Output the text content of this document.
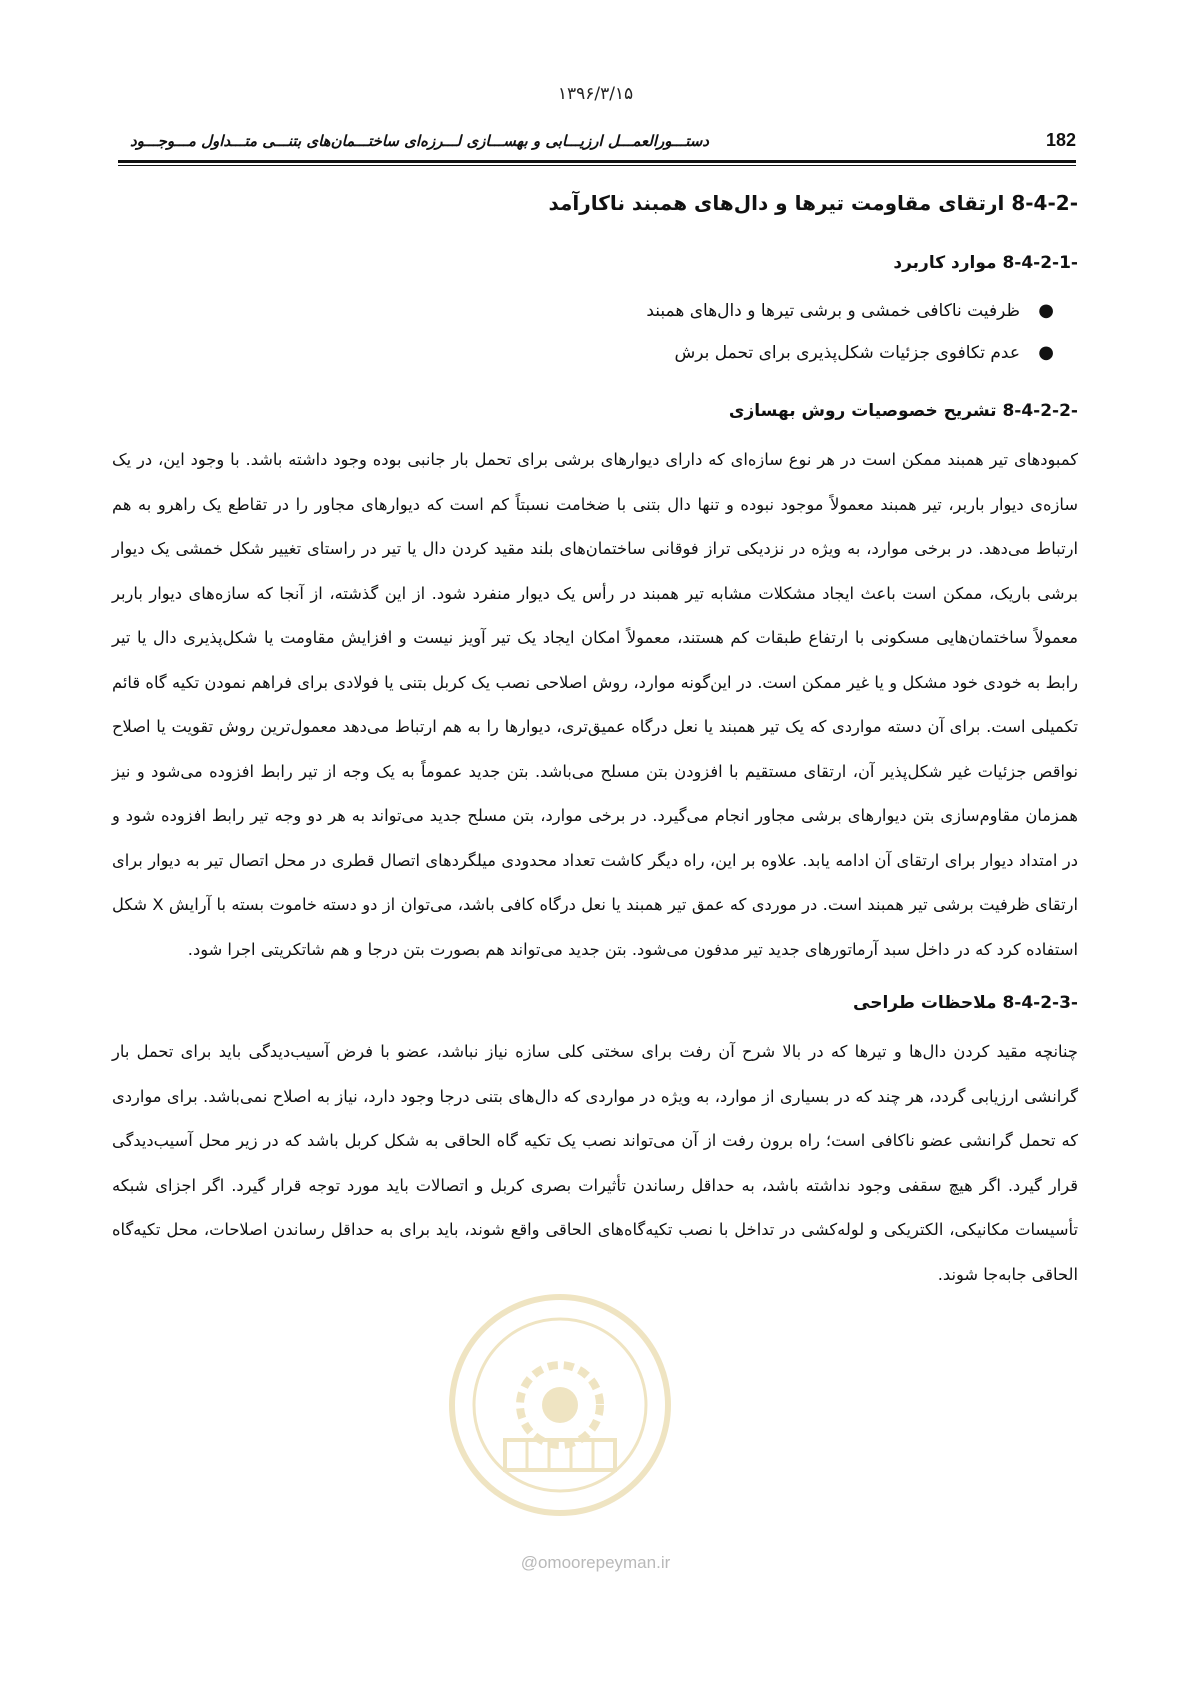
۱۳۹۶/۳/۱۵
182
دستـــورالعمـــل ارزیـــابی و بهســـازی لـــرزه‌ای ساختـــمان‌های بتنـــی متـــداول مـــوجـــود
8-4-2- ارتقای مقاومت تیرها و دال‌های همبند ناکارآمد
8-4-2-1- موارد کاربرد
●
ظرفیت ناکافی خمشی و برشی تیرها و دال‌های همبند
●
عدم تکافوی جزئیات شکل‌پذیری برای تحمل برش
8-4-2-2- تشریح خصوصیات روش بهسازی

کمبودهای تیر همبند ممکن است در هر نوع سازه‌ای که دارای دیوارهای برشی برای تحمل بار جانبی بوده وجود داشته باشد. با وجود این، در یک سازه‌ی دیوار باربر، تیر همبند معمولاً موجود نبوده و تنها دال بتنی با ضخامت نسبتاً کم است که دیوارهای مجاور را در تقاطع یک راهرو به هم ارتباط می‌دهد. در برخی موارد، به ویژه در نزدیکی تراز فوقانی ساختمان‌های بلند مقید کردن دال یا تیر در راستای تغییر شکل خمشی یک دیوار برشی باریک، ممکن است باعث ایجاد مشکلات مشابه تیر همبند در رأس یک دیوار منفرد شود. از این گذشته، از آنجا که سازه‌های دیوار باربر معمولاً ساختمان‌هایی مسکونی با ارتفاع طبقات کم هستند، معمولاً امکان ایجاد یک تیر آویز نیست و افزایش مقاومت یا شکل‌پذیری دال یا تیر رابط به خودی خود مشکل و یا غیر ممکن است. در این‌گونه موارد، روش اصلاحی نصب یک کربل بتنی یا فولادی برای فراهم نمودن تکیه گاه قائم تکمیلی است. برای آن دسته مواردی که یک تیر همبند یا نعل درگاه عمیق‌تری، دیوارها را به هم ارتباط می‌دهد معمول‌ترین روش تقویت یا اصلاح نواقص جزئیات غیر شکل‌پذیر آن، ارتقای مستقیم با افزودن بتن مسلح می‌باشد. بتن جدید عموماً به یک وجه از تیر رابط افزوده می‌شود و نیز همزمان مقاوم‌سازی بتن دیوارهای برشی مجاور انجام می‌گیرد. در برخی موارد، بتن مسلح جدید می‌تواند به هر دو وجه تیر رابط افزوده شود و در امتداد دیوار برای ارتقای آن ادامه یابد. علاوه بر این، راه دیگر کاشت تعداد محدودی میلگردهای اتصال قطری در محل اتصال تیر به دیوار برای ارتقای ظرفیت برشی تیر همبند است. در موردی که عمق تیر همبند یا نعل درگاه کافی باشد، می‌توان از دو دسته خاموت بسته با آرایش X شکل استفاده کرد که در داخل سبد آرماتورهای جدید تیر مدفون می‌شود. بتن جدید می‌تواند هم بصورت بتن درجا و هم شاتکریتی اجرا شود.

8-4-2-3- ملاحظات طراحی

چنانچه مقید کردن دال‌ها و تیرها که در بالا شرح آن رفت برای سختی کلی سازه نیاز نباشد، عضو با فرض آسیب‌دیدگی باید برای تحمل بار گرانشی ارزیابی گردد، هر چند که در بسیاری از موارد، به ویژه در مواردی که دال‌های بتنی درجا وجود دارد، نیاز به اصلاح نمی‌باشد. برای مواردی که تحمل گرانشی عضو ناکافی است؛ راه برون رفت از آن می‌تواند نصب یک تکیه گاه الحاقی به شکل کربل باشد که در زیر محل آسیب‌دیدگی قرار گیرد. اگر هیچ سقفی وجود نداشته باشد، به حداقل رساندن تأثیرات بصری کربل و اتصالات باید مورد توجه قرار گیرد. اگر اجزای شبکه تأسیسات مکانیکی، الکتریکی و لوله‌کشی در تداخل با نصب تکیه‌گاه‌های الحاقی واقع شوند، باید برای به حداقل رساندن اصلاحات، محل تکیه‌گاه الحاقی جابه‌جا شوند.

@omoorepeyman.ir
